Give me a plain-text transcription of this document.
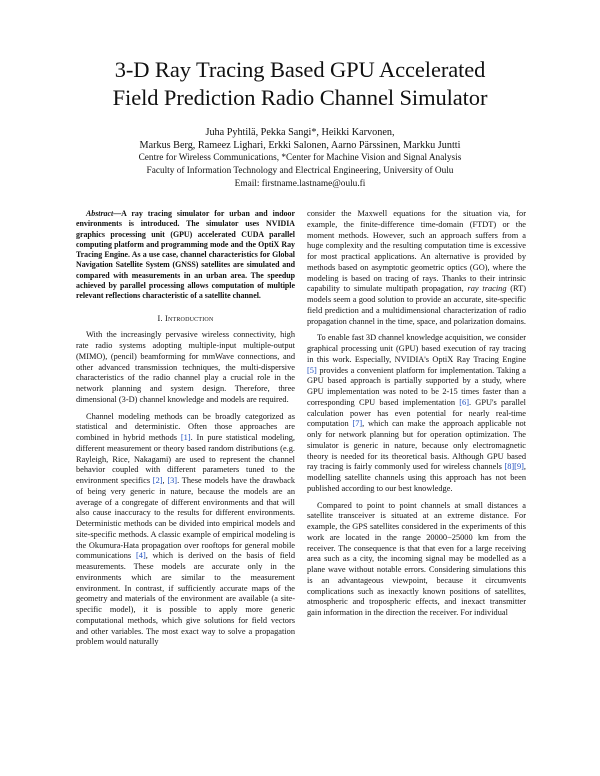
3-D Ray Tracing Based GPU Accelerated
Field Prediction Radio Channel Simulator
Juha Pyhtilä, Pekka Sangi*, Heikki Karvonen,
Markus Berg, Rameez Lighari, Erkki Salonen, Aarno Pärssinen, Markku Juntti
Centre for Wireless Communications, *Center for Machine Vision and Signal Analysis
Faculty of Information Technology and Electrical Engineering, University of Oulu
Email: firstname.lastname@oulu.fi

Abstract—A ray tracing simulator for urban and indoor environments is introduced. The simulator uses NVIDIA graphics processing unit (GPU) accelerated CUDA parallel computing platform and programming mode and the OptiX Ray Tracing Engine. As a use case, channel characteristics for Global Navigation Satellite System (GNSS) satellites are simulated and compared with measurements in an urban area. The speedup achieved by parallel processing allows computation of multiple relevant reflections characteristic of a satellite channel.

I. Introduction

With the increasingly pervasive wireless connectivity, high rate radio systems adopting multiple-input multiple-output (MIMO), (pencil) beamforming for mmWave connections, and other advanced transmission techniques, the multi-dispersive characteristics of the radio channel play a crucial role in the network planning and system design. Therefore, three dimensional (3-D) channel knowledge and models are required.

Channel modeling methods can be broadly categorized as statistical and deterministic. Often those approaches are combined in hybrid methods [1]. In pure statistical modeling, different measurement or theory based random distributions (e.g. Rayleigh, Rice, Nakagami) are used to represent the channel behavior coupled with different parameters tuned to the environment specifics [2], [3]. These models have the drawback of being very generic in nature, because the models are an average of a congregate of different environments and that will also cause inaccuracy to the results for different environments. Deterministic methods can be divided into empirical models and site-specific methods. A classic example of empirical modeling is the Okumura-Hata propagation over rooftops for general mobile communications [4], which is derived on the basis of field measurements. These models are accurate only in the environments which are similar to the measurement environment. In contrast, if sufficiently accurate maps of the geometry and materials of the environment are available (a site-specific model), it is possible to apply more generic computational methods, which give solutions for field vectors and other variables. The most exact way to solve a propagation problem would naturally

consider the Maxwell equations for the situation via, for example, the finite-difference time-domain (FTDT) or the moment methods. However, such an approach suffers from a huge complexity and the resulting computation time is excessive for most practical applications. An alternative is provided by methods based on asymptotic geometric optics (GO), where the modeling is based on tracing of rays. Thanks to their intrinsic capability to simulate multipath propagation, ray tracing (RT) models seem a good solution to provide an accurate, site-specific field prediction and a multidimensional characterization of radio propagation channel in the time, space, and polarization domains.

To enable fast 3D channel knowledge acquisition, we consider graphical processing unit (GPU) based execution of ray tracing in this work. Especially, NVIDIA's OptiX Ray Tracing Engine [5] provides a convenient platform for implementation. Taking a GPU based approach is partially supported by a study, where GPU implementation was noted to be 2-15 times faster than a corresponding CPU based implementation [6]. GPU's parallel calculation power has even potential for nearly real-time computation [7], which can make the approach applicable not only for network planning but for operation optimization. The simulator is generic in nature, because only electromagnetic theory is needed for its theoretical basis. Although GPU based ray tracing is fairly commonly used for wireless channels [8][9], modelling satellite channels using this approach has not been published according to our best knowledge.

Compared to point to point channels at small distances a satellite transceiver is situated at an extreme distance. For example, the GPS satellites considered in the experiments of this work are located in the range 20000−25000 km from the receiver. The consequence is that that even for a large receiving area such as a city, the incoming signal may be modelled as a plane wave without notable errors. Considering simulations this is an advantageous viewpoint, because it circumvents complications such as inexactly known positions of satellites, atmospheric and tropospheric effects, and inexact transmitter gain information in the direction the receiver. For individual
